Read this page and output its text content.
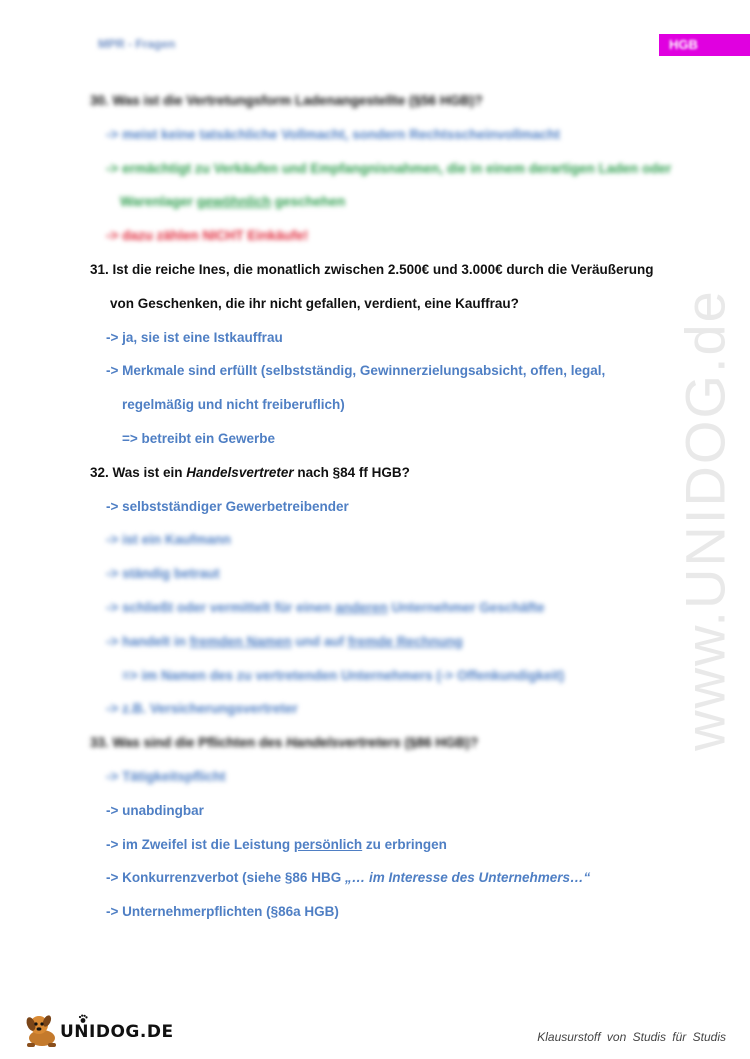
MPR - Fragen	HGB
www.UNIDOG.de
30. Was ist die Vertretungsform Ladenangestellte (§56 HGB)?
-> meist keine tatsächliche Vollmacht, sondern Rechtsscheinvollmacht
-> ermächtigt zu Verkäufen und Empfangnisnahmen, die in einem derartigen Laden oder
Warenlager gewöhnlich geschehen
-> dazu zählen NICHT Einkäufe!
31. Ist die reiche Ines, die monatlich zwischen 2.500€ und 3.000€ durch die Veräußerung
von Geschenken, die ihr nicht gefallen, verdient, eine Kauffrau?
-> ja, sie ist eine Istkauffrau
-> Merkmale sind erfüllt (selbstständig, Gewinnerzielungsabsicht, offen, legal,
regelmäßig und nicht freiberuflich)
=> betreibt ein Gewerbe
32. Was ist ein Handelsvertreter nach §84 ff HGB?
-> selbstständiger Gewerbetreibender
-> ist ein Kaufmann
-> ständig betraut
-> schließt oder vermittelt für einen anderen Unternehmer Geschäfte
-> handelt in fremden Namen und auf fremde Rechnung
=> im Namen des zu vertretenden Unternehmers (-> Offenkundigkeit)
-> z.B. Versicherungsvertreter
33. Was sind die Pflichten des Handelsvertreters (§86 HGB)?
-> Tätigkeitspflicht
-> unabdingbar
-> im Zweifel ist die Leistung persönlich zu erbringen
-> Konkurrenzverbot (siehe §86 HBG „… im Interesse des Unternehmers…“
-> Unternehmerpflichten (§86a HGB)
UNIDOG.DE	Klausurstoff von Studis für Studis
